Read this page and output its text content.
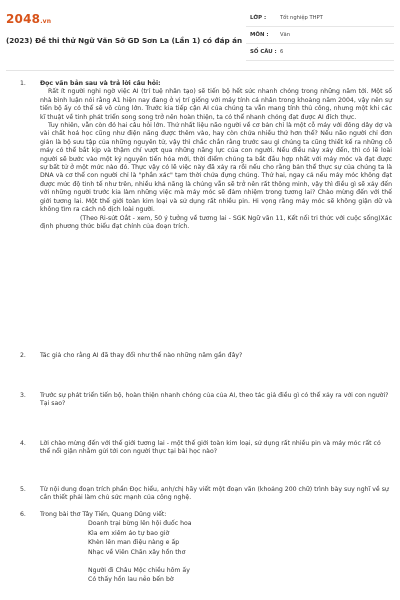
2048.vn
(2023) Đề thi thử Ngữ Văn Sở GD Sơn La (Lần 1) có đáp án
LỚP :	Tốt nghiệp THPT
MÔN :	Văn
SỐ CÂU : 6
1. Đọc văn bản sau và trả lời câu hỏi:
Rất ít người nghi ngờ việc AI (trí tuệ nhân tạo) sẽ tiến bộ hết sức nhanh chóng trong những năm tới. Một số nhà bình luận nói rằng A1 hiện nay đang ở vị trí giống với máy tính cá nhân trong khoảng năm 2004, vậy nên sự tiến bộ ấy có thể sẽ vô cùng lớn. Trước kia tiếp cận AI của chúng ta vẫn mang tính thủ công, nhưng một khi các kĩ thuật về tinh phát triển song song trở nên hoàn thiện, ta có thể nhanh chóng đạt được AI đích thực.
Tuy nhiên, vẫn còn đó hai câu hỏi lớn. Thứ nhất liệu não người về cơ bản chỉ là một cỗ máy với đông dây dợ và vài chất hoá học cũng như điện năng được thêm vào, hay còn chứa nhiều thứ hơn thế? Nếu não người chỉ đơn giản là bộ sưu tập của những nguyên tử, vậy thì chắc chắn rằng trước sau gì chúng ta cũng thiết kế ra những cỗ máy có thể bắt kịp và thậm chí vượt qua những năng lực của con người. Nếu điều này xảy đến, thì có lẽ loài người sẽ bước vào một kỷ nguyên tiến hóa mới, thời điểm chúng ta bắt đầu hợp nhất với máy móc và đạt được sự bất tử ở một mức nào đó. Thực vậy có lẽ việc này đã xảy ra rồi nếu cho rằng bản thể thực sự của chúng ta là DNA và cơ thể con người chỉ là "phần xác" tạm thời chứa đựng chúng. Thứ hai, ngay cả nếu máy móc không đạt được mức độ tinh tế như trên, nhiều khả năng là chúng vẫn sẽ trở nên rất thông minh, vậy thì điều gì sẽ xảy đến với những người trước kia làm những việc mà máy móc sẽ đảm nhiệm trong tương lai? Chào mừng đến với thế giới tương lai. Một thế giới toàn kim loại và sử dụng rất nhiều pin. Hi vọng rằng máy móc sẽ không giận dữ và không tìm ra cách nô dịch loài người.
(Theo Ri-sứt Oắt - xem, 50 ý tưởng về tương lai - SGK Ngữ văn 11, Kết nối tri thức với cuộc sống)Xác định phương thức biểu đạt chính của đoạn trích.
2. Tác giả cho rằng AI đã thay đổi như thế nào những năm gần đây?
3. Trước sự phát triển tiến bộ, hoàn thiện nhanh chóng của của AI, theo tác giả điều gì có thể xảy ra với con người? Tại sao?
4. Lời chào mừng đến với thế giới tương lai - một thế giới toàn kim loại, sử dụng rất nhiều pin và máy móc rất có thể nổi giận nhằm gửi tới con người thực tại bài học nào?
5. Từ nội dung đoạn trích phần Đọc hiểu, anh/chị hãy viết một đoạn văn (khoảng 200 chữ) trình bày suy nghĩ về sự cần thiết phải làm chủ sức mạnh của công nghệ.
6. Trong bài thơ Tây Tiến, Quang Dũng viết:
Doanh trại bừng lên hội đuốc hoa
Kìa em xiêm áo tự bao giờ
Khèn lên man điệu nàng e ấp
Nhạc về Viên Chăn xây hồn thơ
Người đi Châu Mộc chiều hôm ấy
Có thấy hồn lau nẻo bến bờ
